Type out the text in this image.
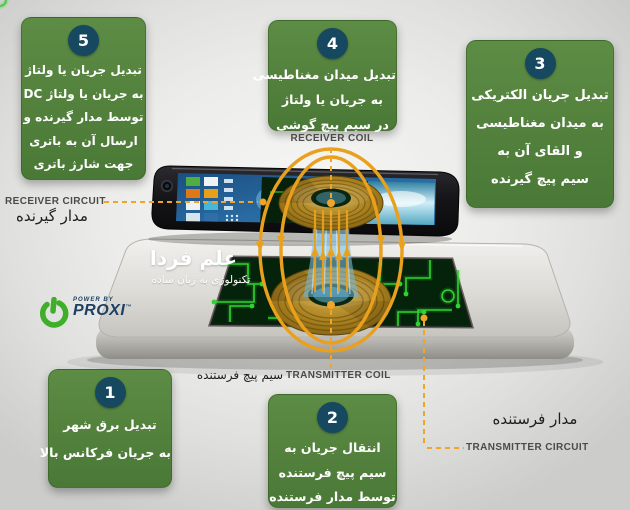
5
تبدیل جریان یا ولتاژ
به جریان یا ولتاژ DC
توسط مدار گیرنده و
ارسال آن به باتری
جهت شارژ باتری
4
تبدیل میدان مغناطیسی
به جریان یا ولتاژ
در سیم پیچ گوشی
3
تبدیل جریان الکتریکی
به میدان مغناطیسی
و القای آن به
سیم پیچ گیرنده
1
تبدیل برق شهر
به جریان فرکانس بالا
2
انتقال جریان به
سیم پیچ فرستنده
توسط مدار فرستنده
RECEIVER COIL
RECEIVER CIRCUIT
مدار گیرنده
سیم پیچ فرستنده TRANSMITTER COIL
مدار فرستنده
TRANSMITTER CIRCUIT
علم فردا
تکنولوژی به زبان ساده
POWER BY
PROXI™
